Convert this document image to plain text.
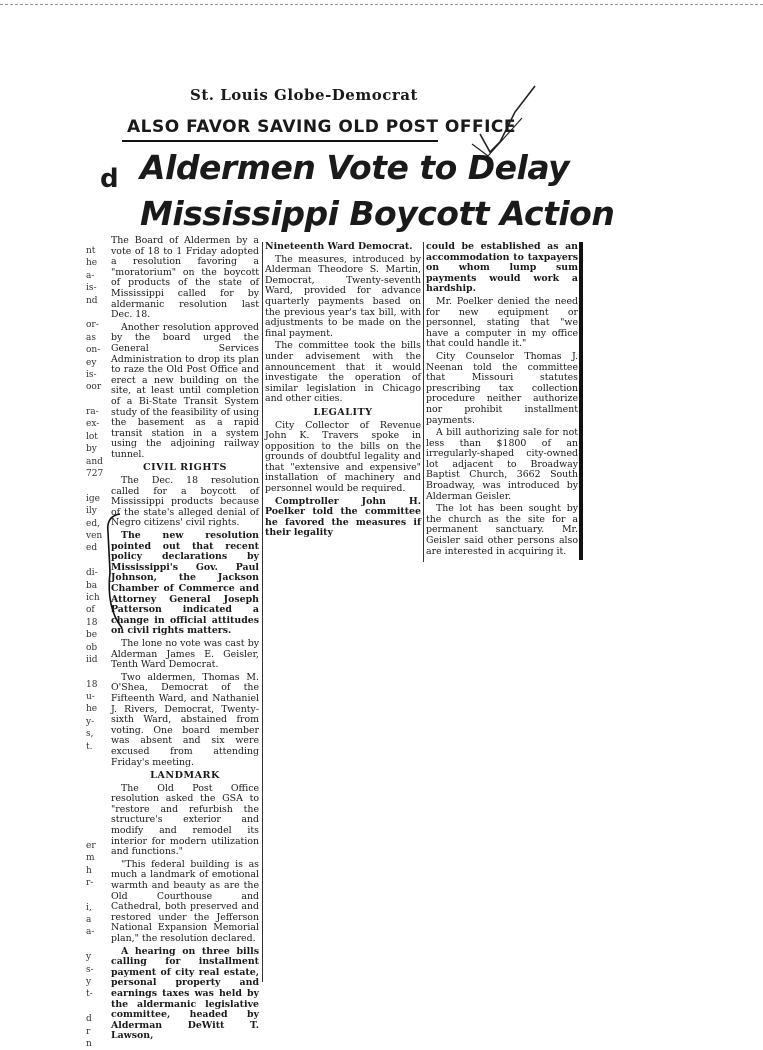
St. Louis Globe-Democrat
ALSO FAVOR SAVING OLD POST OFFICE
d Aldermen Vote to Delay
Mississippi Boycott Action
nt
he
a-
is-
nd
or-
as
on-
ey
is-
oor
ra-
ex-
lot
by
and
727
ige
ily
ed,
ven
ed
di-
ba
ich
of
18
be
ob
iid
18
u-
he
y-
s,
t.
er
m
h
r-
i,
a
a-
y
s-
y
t-
d
r
n

The Board of Aldermen by a vote of 18 to 1 Friday adopted a resolution favoring a "moratorium" on the boycott of products of the state of Mississippi called for by aldermanic resolution last Dec. 18.

Another resolution approved by the board urged the General Services Administration to drop its plan to raze the Old Post Office and erect a new building on the site, at least until completion of a Bi-State Transit System study of the feasibility of using the basement as a rapid transit station in a system using the adjoining railway tunnel.

CIVIL RIGHTS

The Dec. 18 resolution called for a boycott of Mississippi products because of the state's alleged denial of Negro citizens' civil rights.

The new resolution pointed out that recent policy declarations by Mississippi's Gov. Paul Johnson, the Jackson Chamber of Commerce and Attorney General Joseph Patterson indicated a change in official attitudes on civil rights matters.

The lone no vote was cast by Alderman James E. Geisler, Tenth Ward Democrat.

Two aldermen, Thomas M. O'Shea, Democrat of the Fifteenth Ward, and Nathaniel J. Rivers, Democrat, Twenty-sixth Ward, abstained from voting. One board member was absent and six were excused from attending Friday's meeting.

LANDMARK

The Old Post Office resolution asked the GSA to "restore and refurbish the structure's exterior and modify and remodel its interior for modern utilization and functions."

"This federal building is as much a landmark of emotional warmth and beauty as are the Old Courthouse and Cathedral, both preserved and restored under the Jefferson National Expansion Memorial plan," the resolution declared.

A hearing on three bills calling for installment payment of city real estate, personal property and earnings taxes was held by the aldermanic legislative committee, headed by Alderman DeWitt T. Lawson,

Nineteenth Ward Democrat.

The measures, introduced by Alderman Theodore S. Martin, Democrat, Twenty-seventh Ward, provided for advance quarterly payments based on the previous year's tax bill, with adjustments to be made on the final payment.

The committee took the bills under advisement with the announcement that it would investigate the operation of similar legislation in Chicago and other cities.

LEGALITY

City Collector of Revenue John K. Travers spoke in opposition to the bills on the grounds of doubtful legality and that "extensive and expensive" installation of machinery and personnel would be required.

Comptroller John H. Poelker told the committee he favored the measures if their legality

could be established as an accommodation to taxpayers on whom lump sum payments would work a hardship.

Mr. Poelker denied the need for new equipment or personnel, stating that "we have a computer in my office that could handle it."

City Counselor Thomas J. Neenan told the committee that Missouri statutes prescribing tax collection procedure neither authorize nor prohibit installment payments.

A bill authorizing sale for not less than $1800 of an irregularly-shaped city-owned lot adjacent to Broadway Baptist Church, 3662 South Broadway, was introduced by Alderman Geisler.

The lot has been sought by the church as the site for a permanent sanctuary. Mr. Geisler said other persons also are interested in acquiring it.
